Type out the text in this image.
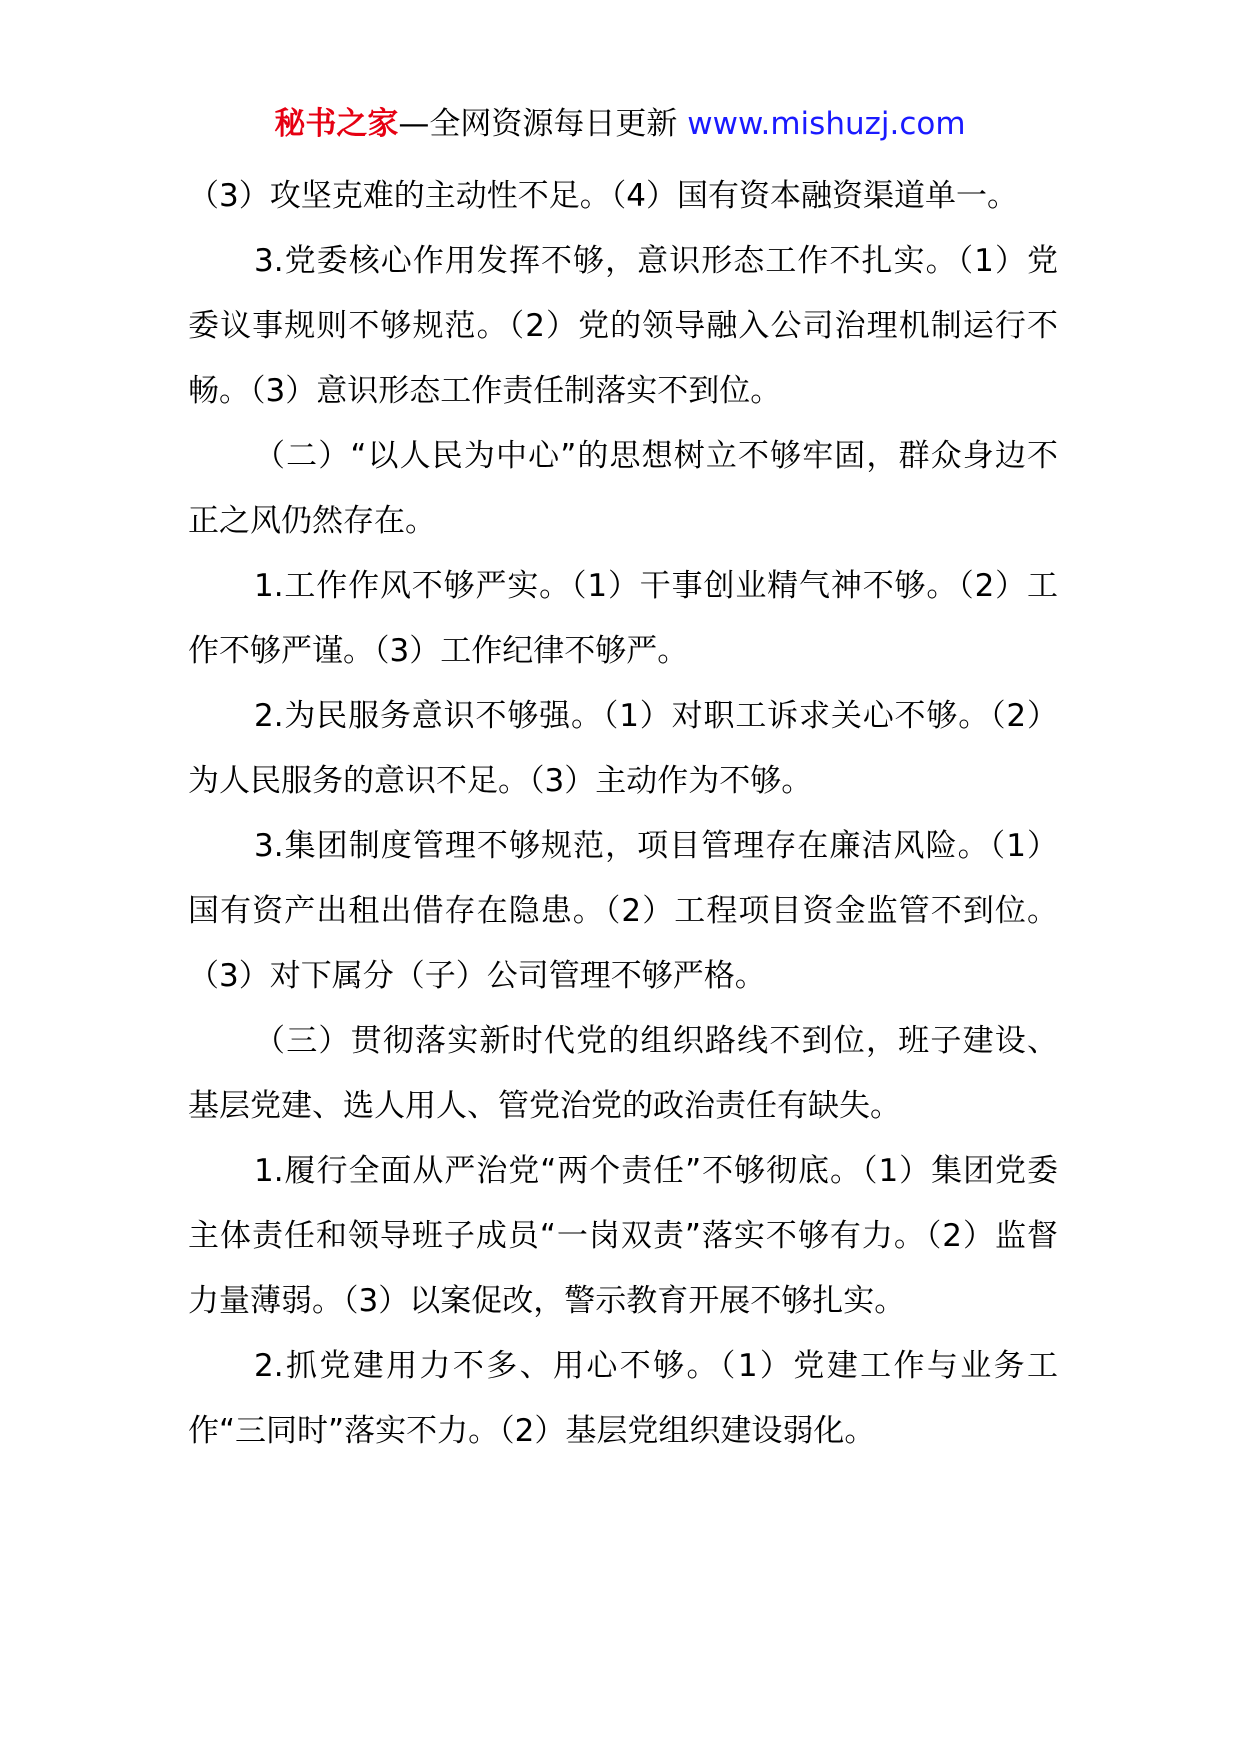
秘书之家—全网资源每日更新 www.mishuzj.com

（3）攻坚克难的主动性不足。（4）国有资本融资渠道单一。

3.党委核心作用发挥不够，意识形态工作不扎实。（1）党委议事规则不够规范。（2）党的领导融入公司治理机制运行不畅。（3）意识形态工作责任制落实不到位。

（二）“以人民为中心”的思想树立不够牢固，群众身边不正之风仍然存在。

1.工作作风不够严实。（1）干事创业精气神不够。（2）工作不够严谨。（3）工作纪律不够严。

2.为民服务意识不够强。（1）对职工诉求关心不够。（2）为人民服务的意识不足。（3）主动作为不够。

3.集团制度管理不够规范，项目管理存在廉洁风险。（1）国有资产出租出借存在隐患。（2）工程项目资金监管不到位。（3）对下属分（子）公司管理不够严格。

（三）贯彻落实新时代党的组织路线不到位，班子建设、基层党建、选人用人、管党治党的政治责任有缺失。

1.履行全面从严治党“两个责任”不够彻底。（1）集团党委主体责任和领导班子成员“一岗双责”落实不够有力。（2）监督力量薄弱。（3）以案促改，警示教育开展不够扎实。

2.抓党建用力不多、用心不够。（1）党建工作与业务工作“三同时”落实不力。（2）基层党组织建设弱化。
